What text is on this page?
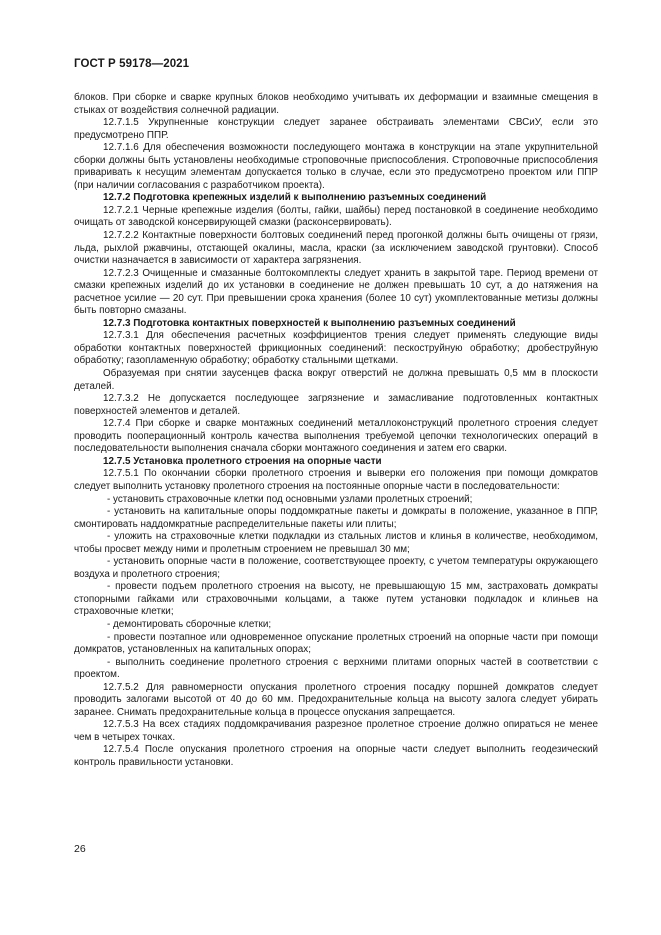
ГОСТ Р 59178—2021

блоков. При сборке и сварке крупных блоков необходимо учитывать их деформации и взаимные смещения в стыках от воздействия солнечной радиации.

12.7.1.5 Укрупненные конструкции следует заранее обстраивать элементами СВСиУ, если это предусмотрено ППР.

12.7.1.6 Для обеспечения возможности последующего монтажа в конструкции на этапе укрупнительной сборки должны быть установлены необходимые строповочные приспособления. Строповочные приспособления приваривать к несущим элементам допускается только в случае, если это предусмотрено проектом или ППР (при наличии согласования с разработчиком проекта).

12.7.2 Подготовка крепежных изделий к выполнению разъемных соединений

12.7.2.1 Черные крепежные изделия (болты, гайки, шайбы) перед постановкой в соединение необходимо очищать от заводской консервирующей смазки (расконсервировать).

12.7.2.2 Контактные поверхности болтовых соединений перед прогонкой должны быть очищены от грязи, льда, рыхлой ржавчины, отстающей окалины, масла, краски (за исключением заводской грунтовки). Способ очистки назначается в зависимости от характера загрязнения.

12.7.2.3 Очищенные и смазанные болтокомплекты следует хранить в закрытой таре. Период времени от смазки крепежных изделий до их установки в соединение не должен превышать 10 сут, а до натяжения на расчетное усилие — 20 сут. При превышении срока хранения (более 10 сут) укомплектованные метизы должны быть повторно смазаны.

12.7.3 Подготовка контактных поверхностей к выполнению разъемных соединений

12.7.3.1 Для обеспечения расчетных коэффициентов трения следует применять следующие виды обработки контактных поверхностей фрикционных соединений: пескоструйную обработку; дробеструйную обработку; газопламенную обработку; обработку стальными щетками.

Образуемая при снятии заусенцев фаска вокруг отверстий не должна превышать 0,5 мм в плоскости деталей.

12.7.3.2 Не допускается последующее загрязнение и замасливание подготовленных контактных поверхностей элементов и деталей.

12.7.4 При сборке и сварке монтажных соединений металлоконструкций пролетного строения следует проводить пооперационный контроль качества выполнения требуемой цепочки технологических операций в последовательности выполнения сначала сборки монтажного соединения и затем его сварки.

12.7.5 Установка пролетного строения на опорные части

12.7.5.1 По окончании сборки пролетного строения и выверки его положения при помощи домкратов следует выполнить установку пролетного строения на постоянные опорные части в последовательности:

- установить страховочные клетки под основными узлами пролетных строений;

- установить на капитальные опоры поддомкратные пакеты и домкраты в положение, указанное в ППР, смонтировать наддомкратные распределительные пакеты или плиты;

- уложить на страховочные клетки подкладки из стальных листов и клинья в количестве, необходимом, чтобы просвет между ними и пролетным строением не превышал 30 мм;

- установить опорные части в положение, соответствующее проекту, с учетом температуры окружающего воздуха и пролетного строения;

- провести подъем пролетного строения на высоту, не превышающую 15 мм, застраховать домкраты стопорными гайками или страховочными кольцами, а также путем установки подкладок и клиньев на страховочные клетки;

- демонтировать сборочные клетки;

- провести поэтапное или одновременное опускание пролетных строений на опорные части при помощи домкратов, установленных на капитальных опорах;

- выполнить соединение пролетного строения с верхними плитами опорных частей в соответствии с проектом.

12.7.5.2 Для равномерности опускания пролетного строения посадку поршней домкратов следует проводить залогами высотой от 40 до 60 мм. Предохранительные кольца на высоту залога следует убирать заранее. Снимать предохранительные кольца в процессе опускания запрещается.

12.7.5.3 На всех стадиях поддомкрачивания разрезное пролетное строение должно опираться не менее чем в четырех точках.

12.7.5.4 После опускания пролетного строения на опорные части следует выполнить геодезический контроль правильности установки.

26
